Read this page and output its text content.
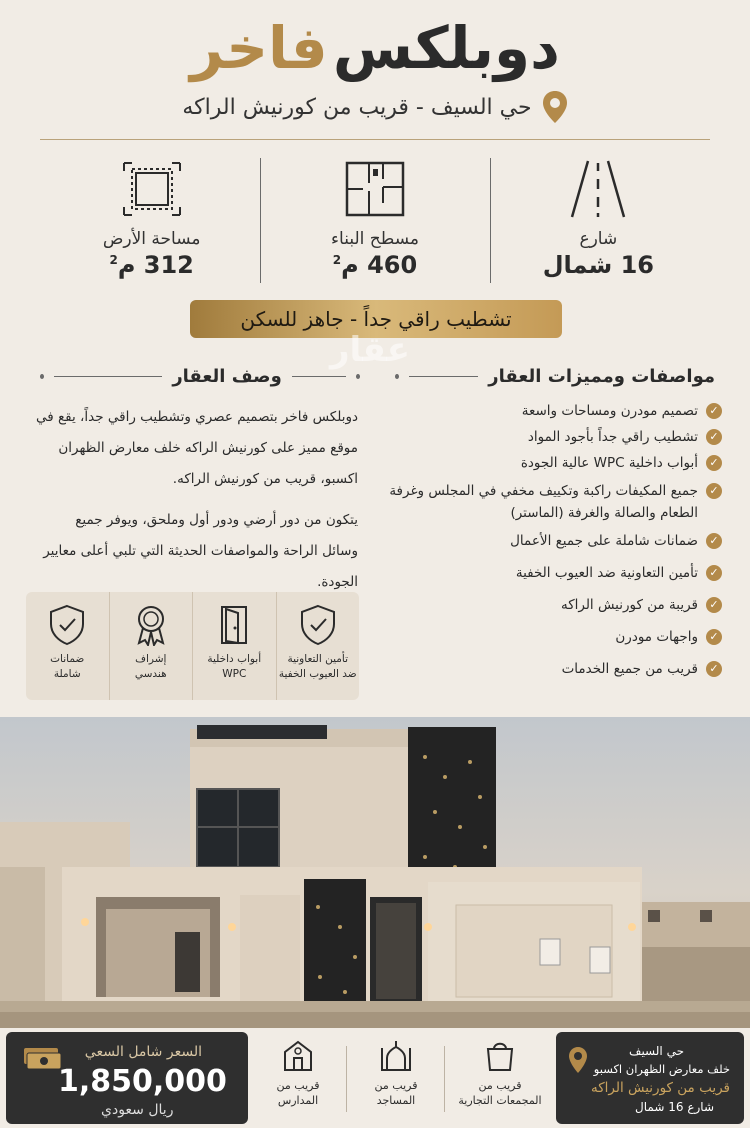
دوبلكس فاخر
حي السيف - قريب من كورنيش الراكه
شارع
16 شمال
مسطح البناء
460 م$^2$
مساحة الأرض
312 م$^2$
تشطيب راقي جداً - جاهز للسكن
عقار
مواصفات ومميزات العقار
وصف العقار
✓
تصميم مودرن ومساحات واسعة
✓
تشطيب راقي جداً بأجود المواد
✓
أبواب داخلية WPC عالية الجودة
✓
جميع المكيفات راكبة وتكييف مخفي في المجلس وغرفة الطعام والصالة والغرفة (الماستر)
✓
ضمانات شاملة على جميع الأعمال
✓
تأمين التعاونية ضد العيوب الخفية
✓
قريبة من كورنيش الراكه
✓
واجهات مودرن
✓
قريب من جميع الخدمات

دوبلكس فاخر بتصميم عصري وتشطيب راقي جداً، يقع في موقع مميز على كورنيش الراكه خلف معارض الظهران اكسبو، قريب من كورنيش الراكه.

يتكون من دور أرضي ودور أول وملحق، ويوفر جميع وسائل الراحة والمواصفات الحديثة التي تلبي أعلى معايير الجودة.

تأمين التعاونية
ضد العيوب الخفية
أبواب داخلية
WPC
إشراف
هندسي
ضمانات
شاملة
السعر شامل السعي
1,850,000
ريال سعودي
قريب من
المدارس
قريب من
المساجد
قريب من
المجمعات التجارية
حي السيف
خلف معارض الظهران اكسبو
قريب من كورنيش الراكه
شارع 16 شمال
